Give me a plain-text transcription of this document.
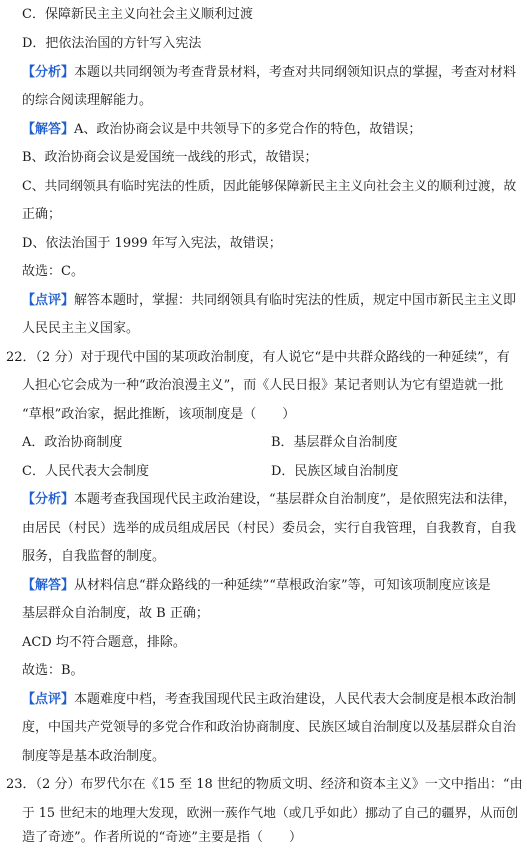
C．保障新民主主义向社会主义顺利过渡
D．把依法治国的方针写入宪法
【分析】本题以共同纲领为考查背景材料，考查对共同纲领知识点的掌握，考查对材料
的综合阅读理解能力。
【解答】A、政治协商会议是中共领导下的多党合作的特色，故错误；
B、政治协商会议是爱国统一战线的形式，故错误；
C、共同纲领具有临时宪法的性质，因此能够保障新民主主义向社会主义的顺利过渡，故
正确；
D、依法治国于 1999 年写入宪法，故错误；
故选：C。
【点评】解答本题时，掌握：共同纲领具有临时宪法的性质，规定中国市新民主主义即
人民民主主义国家。
22．（2 分）对于现代中国的某项政治制度，有人说它“是中共群众路线的一种延续”，有
人担心它会成为一种“政治浪漫主义”，而《人民日报》某记者则认为它有望造就一批
“草根”政治家，据此推断，该项制度是（　　）
A．政治协商制度	B．基层群众自治制度
C．人民代表大会制度	D．民族区域自治制度
【分析】本题考查我国现代民主政治建设，“基层群众自治制度”，是依照宪法和法律，
由居民（村民）选举的成员组成居民（村民）委员会，实行自我管理，自我教育，自我
服务，自我监督的制度。
【解答】从材料信息“群众路线的一种延续”“草根政治家”等，可知该项制度应该是
基层群众自治制度，故 B 正确；
ACD 均不符合题意，排除。
故选：B。
【点评】本题难度中档，考查我国现代民主政治建设，人民代表大会制度是根本政治制
度，中国共产党领导的多党合作和政治协商制度、民族区域自治制度以及基层群众自治
制度等是基本政治制度。
23．（2 分）布罗代尔在《15 至 18 世纪的物质文明、经济和资本主义》一文中指出：“由
于 15 世纪末的地理大发现，欧洲一蔟作气地（或几乎如此）挪动了自己的疆界，从而创
造了奇迹”。作者所说的“奇迹”主要是指（　　）
